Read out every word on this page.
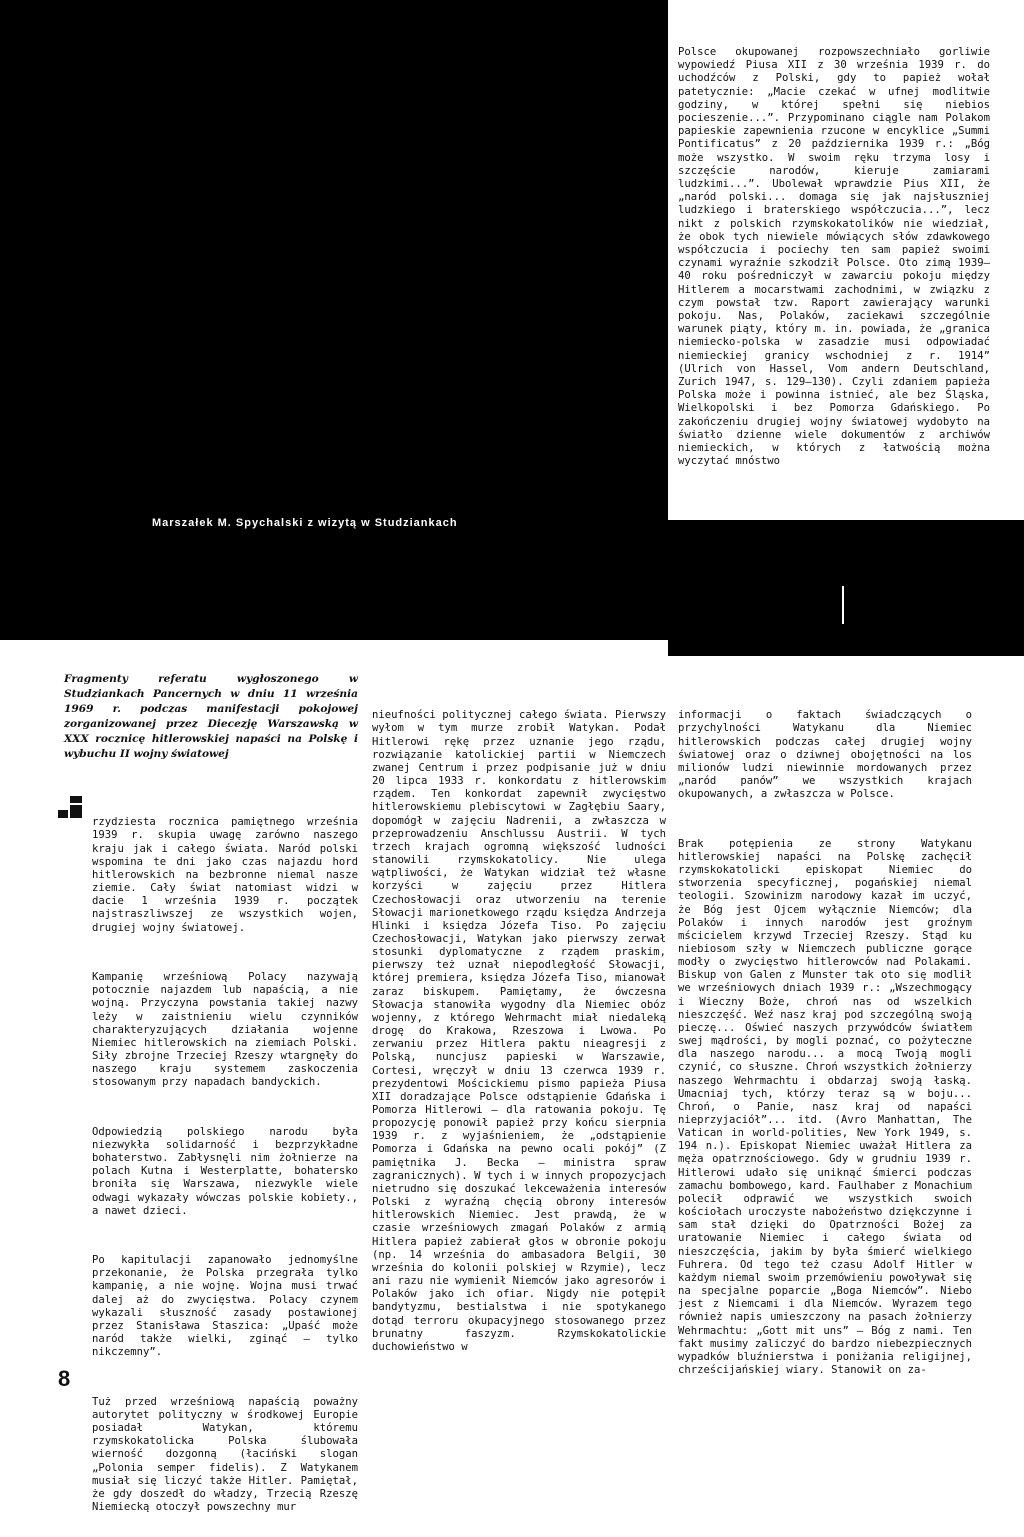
Marszałek M. Spychalski z wizytą w Studziankach
Polsce okupowanej rozpowszechniało gorliwie wypowiedź Piusa XII z 30 września 1939 r. do uchodźców z Polski, gdy to papież wołał patetycznie: „Macie czekać w ufnej modlitwie godziny, w której spełni się niebios pocieszenie...”. Przypominano ciągle nam Polakom papieskie zapewnienia rzucone w encyklice „Summi Pontificatus” z 20 października 1939 r.: „Bóg może wszystko. W swoim ręku trzyma losy i szczęście narodów, kieruje zamiarami ludzkimi...”. Ubolewał wprawdzie Pius XII, że „naród polski... domaga się jak najsłuszniej ludzkiego i braterskiego współczucia...”, lecz nikt z polskich rzymskokatolików nie wiedział, że obok tych niewiele mówiących słów zdawkowego współczucia i pociechy ten sam papież swoimi czynami wyraźnie szkodził Polsce. Oto zimą 1939—40 roku pośredniczył w zawarciu pokoju między Hitlerem a mocarstwami zachodnimi, w związku z czym powstał tzw. Raport zawierający warunki pokoju. Nas, Polaków, zaciekawi szczególnie warunek piąty, który m. in. powiada, że „granica niemiecko-polska w zasadzie musi odpowiadać niemieckiej granicy wschodniej z r. 1914” (Ulrich von Hassel, Vom andern Deutschland, Zurich 1947, s. 129—130). Czyli zdaniem papieża Polska może i powinna istnieć, ale bez Śląska, Wielkopolski i bez Pomorza Gdańskiego. Po zakończeniu drugiej wojny światowej wydobyto na światło dzienne wiele dokumentów z archiwów niemieckich, w których z łatwością można wyczytać mnóstwo
Fragmenty referatu wygłoszonego w Studziankach Pancernych w dniu 11 września 1969 r. podczas manifestacji pokojowej zorganizowanej przez Diecezję Warszawską w XXX rocznicę hitlerowskiej napaści na Polskę i wybuchu II wojny światowej

rzydziesta rocznica pamiętnego września 1939 r. skupia uwagę zarówno naszego kraju jak i całego świata. Naród polski wspomina te dni jako czas najazdu hord hitlerowskich na bezbronne niemal nasze ziemie. Cały świat natomiast widzi w dacie 1 września 1939 r. początek najstraszliwszej ze wszystkich wojen, drugiej wojny światowej.

Kampanię wrześniową Polacy nazywają potocznie najazdem lub napaścią, a nie wojną. Przyczyna powstania takiej nazwy leży w zaistnieniu wielu czynników charakteryzujących działania wojenne Niemiec hitlerowskich na ziemiach Polski. Siły zbrojne Trzeciej Rzeszy wtargnęły do naszego kraju systemem zaskoczenia stosowanym przy napadach bandyckich.

Odpowiedzią polskiego narodu była niezwykła solidarność i bezprzykładne bohaterstwo. Zabłysnęli nim żołnierze na polach Kutna i Westerplatte, bohatersko broniła się Warszawa, niezwykle wiele odwagi wykazały wówczas polskie kobiety., a nawet dzieci.

Po kapitulacji zapanowało jednomyślne przekonanie, że Polska przegrała tylko kampanię, a nie wojnę. Wojna musi trwać dalej aż do zwycięstwa. Polacy czynem wykazali słuszność zasady postawionej przez Stanisława Staszica: „Upaść może naród także wielki, zginąć — tylko nikczemny”.

Tuż przed wrześniową napaścią poważny autorytet polityczny w środkowej Europie posiadał Watykan, któremu rzymskokatolicka Polska ślubowała wierność dozgonną (łaciński slogan „Polonia semper fidelis). Z Watykanem musiał się liczyć także Hitler. Pamiętał, że gdy doszedł do władzy, Trzecią Rzeszę Niemiecką otoczył powszechny mur

nieufności politycznej całego świata. Pierwszy wyłom w tym murze zrobił Watykan. Podał Hitlerowi rękę przez uznanie jego rządu, rozwiązanie katolickiej partii w Niemczech zwanej Centrum i przez podpisanie już w dniu 20 lipca 1933 r. konkordatu z hitlerowskim rządem. Ten konkordat zapewnił zwycięstwo hitlerowskiemu plebiscytowi w Zagłębiu Saary, dopomógł w zajęciu Nadrenii, a zwłaszcza w przeprowadzeniu Anschlussu Austrii. W tych trzech krajach ogromną większość ludności stanowili rzymskokatolicy. Nie ulega wątpliwości, że Watykan widział też własne korzyści w zajęciu przez Hitlera Czechosłowacji oraz utworzeniu na terenie Słowacji marionetkowego rządu księdza Andrzeja Hlinki i księdza Józefa Tiso. Po zajęciu Czechosłowacji, Watykan jako pierwszy zerwał stosunki dyplomatyczne z rządem praskim, pierwszy też uznał niepodległość Słowacji, której premiera, księdza Józefa Tiso, mianował zaraz biskupem. Pamiętamy, że ówczesna Słowacja stanowiła wygodny dla Niemiec obóz wojenny, z którego Wehrmacht miał niedaleką drogę do Krakowa, Rzeszowa i Lwowa. Po zerwaniu przez Hitlera paktu nieagresji z Polską, nuncjusz papieski w Warszawie, Cortesi, wręczył w dniu 13 czerwca 1939 r. prezydentowi Mościckiemu pismo papieża Piusa XII doradzające Polsce odstąpienie Gdańska i Pomorza Hitlerowi — dla ratowania pokoju. Tę propozycję ponowił papież przy końcu sierpnia 1939 r. z wyjaśnieniem, że „odstąpienie Pomorza i Gdańska na pewno ocali pokój” (Z pamiętnika J. Becka — ministra spraw zagranicznych). W tych i w innych propozycjach nietrudno się doszukać lekceważenia interesów Polski z wyraźną chęcią obrony interesów hitlerowskich Niemiec. Jest prawdą, że w czasie wrześniowych zmagań Polaków z armią Hitlera papież zabierał głos w obronie pokoju (np. 14 września do ambasadora Belgii, 30 września do kolonii polskiej w Rzymie), lecz ani razu nie wymienił Niemców jako agresorów i Polaków jako ich ofiar. Nigdy nie potępił bandytyzmu, bestialstwa i nie spotykanego dotąd terroru okupacyjnego stosowanego przez brunatny faszyzm. Rzymskokatolickie duchowieństwo w

informacji o faktach świadczących o przychylności Watykanu dla Niemiec hitlerowskich podczas całej drugiej wojny światowej oraz o dziwnej obojętności na los milionów ludzi niewinnie mordowanych przez „naród panów” we wszystkich krajach okupowanych, a zwłaszcza w Polsce.

Brak potępienia ze strony Watykanu hitlerowskiej napaści na Polskę zachęcił rzymskokatolicki episkopat Niemiec do stworzenia specyficznej, pogańskiej niemal teologii. Szowinizm narodowy kazał im uczyć, że Bóg jest Ojcem wyłącznie Niemców; dla Polaków i innych narodów jest groźnym mścicielem krzywd Trzeciej Rzeszy. Stąd ku niebiosom szły w Niemczech publiczne gorące modły o zwycięstwo hitlerowców nad Polakami. Biskup von Galen z Munster tak oto się modlił we wrześniowych dniach 1939 r.: „Wszechmogący i Wieczny Boże, chroń nas od wszelkich nieszczęść. Weź nasz kraj pod szczególną swoją pieczę... Oświeć naszych przywódców światłem swej mądrości, by mogli poznać, co pożyteczne dla naszego narodu... a mocą Twoją mogli czynić, co słuszne. Chroń wszystkich żołnierzy naszego Wehrmachtu i obdarzaj swoją łaską. Umacniaj tych, którzy teraz są w boju... Chroń, o Panie, nasz kraj od napaści nieprzyjaciół”... itd. (Avro Manhattan, The Vatican in world-polities, New York 1949, s. 194 n.). Episkopat Niemiec uważał Hitlera za męża opatrznościowego. Gdy w grudniu 1939 r. Hitlerowi udało się uniknąć śmierci podczas zamachu bombowego, kard. Faulhaber z Monachium polecił odprawić we wszystkich swoich kościołach uroczyste nabożeństwo dziękczynne i sam stał dzięki do Opatrzności Bożej za uratowanie Niemiec i całego świata od nieszczęścia, jakim by była śmierć wielkiego Fuhrera. Od tego też czasu Adolf Hitler w każdym niemal swoim przemówieniu powoływał się na specjalne poparcie „Boga Niemców”. Niebo jest z Niemcami i dla Niemców. Wyrazem tego również napis umieszczony na pasach żołnierzy Wehrmachtu: „Gott mit uns” — Bóg z nami. Ten fakt musimy zaliczyć do bardzo niebezpiecznych wypadków bluźnierstwa i poniżania religijnej, chrześcijańskiej wiary. Stanowił on za-

8
